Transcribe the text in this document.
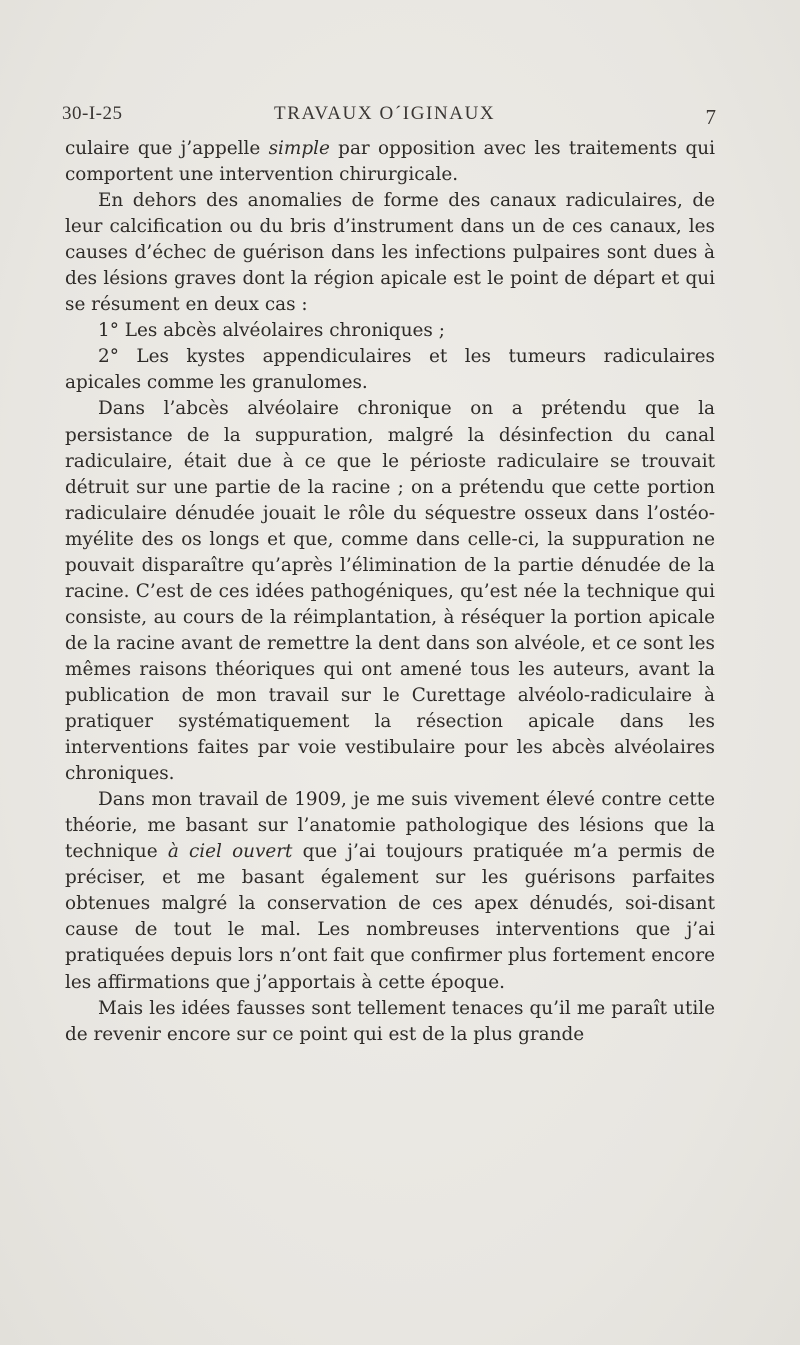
30-I-25	TRAVAUX O´IGINAUX	7

culaire que j’appelle simple par opposition avec les traitements qui comportent une intervention chirurgicale.

En dehors des anomalies de forme des canaux radiculaires, de leur calcification ou du bris d’instrument dans un de ces canaux, les causes d’échec de guérison dans les infections pulpaires sont dues à des lésions graves dont la région apicale est le point de départ et qui se résument en deux cas :

1° Les abcès alvéolaires chroniques ;

2° Les kystes appendiculaires et les tumeurs radiculaires apicales comme les granulomes.

Dans l’abcès alvéolaire chronique on a prétendu que la persistance de la suppuration, malgré la désinfection du canal radiculaire, était due à ce que le périoste radiculaire se trouvait détruit sur une partie de la racine ; on a prétendu que cette portion radiculaire dénudée jouait le rôle du séquestre osseux dans l’ostéo-myélite des os longs et que, comme dans celle-ci, la suppuration ne pouvait disparaître qu’après l’élimination de la partie dénudée de la racine. C’est de ces idées pathogéniques, qu’est née la technique qui consiste, au cours de la réimplantation, à réséquer la portion apicale de la racine avant de remettre la dent dans son alvéole, et ce sont les mêmes raisons théoriques qui ont amené tous les auteurs, avant la publication de mon travail sur le Curettage alvéolo-radiculaire à pratiquer systématiquement la résection apicale dans les interventions faites par voie vestibulaire pour les abcès alvéolaires chroniques.

Dans mon travail de 1909, je me suis vivement élevé contre cette théorie, me basant sur l’anatomie pathologique des lésions que la technique à ciel ouvert que j’ai toujours pratiquée m’a permis de préciser, et me basant également sur les guérisons parfaites obtenues malgré la conservation de ces apex dénudés, soi-disant cause de tout le mal. Les nombreuses interventions que j’ai pratiquées depuis lors n’ont fait que confirmer plus fortement encore les affirmations que j’apportais à cette époque.

Mais les idées fausses sont tellement tenaces qu’il me paraît utile de revenir encore sur ce point qui est de la plus grande
